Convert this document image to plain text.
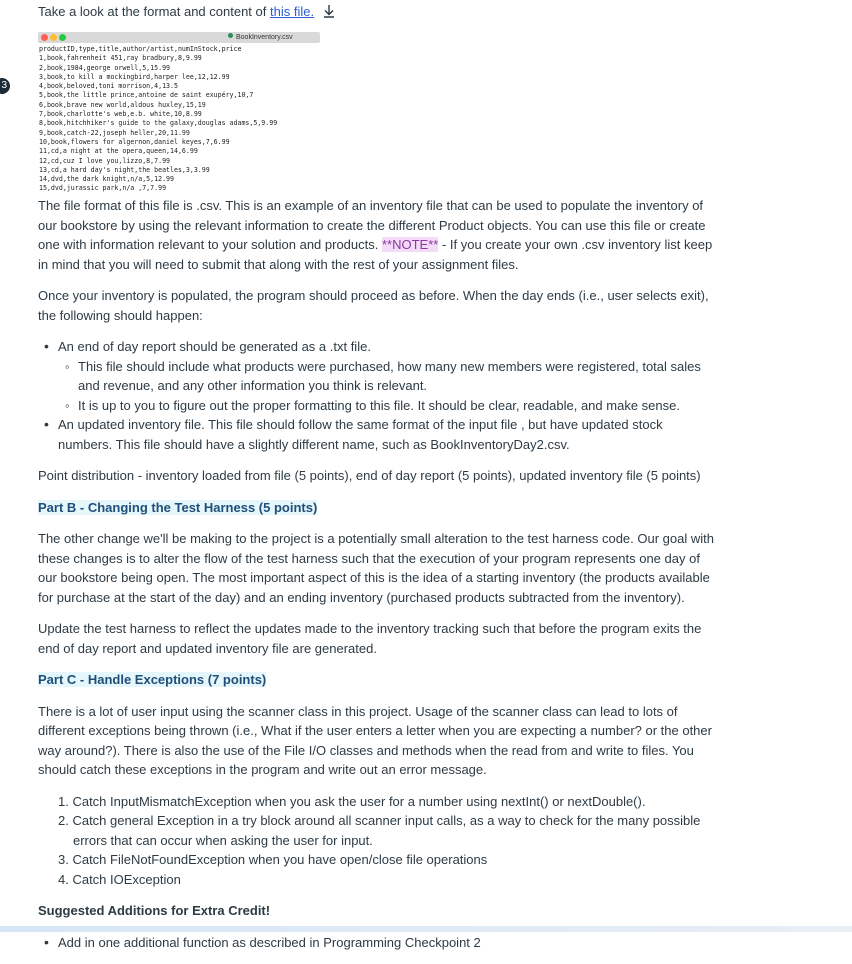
3
Take a look at the format and content of this file.
BookInventory.csv
productID,type,title,author/artist,numInStock,price
1,book,fahrenheit 451,ray bradbury,8,9.99
2,book,1984,george orwell,5,15.99
3,book,to kill a mockingbird,harper lee,12,12.99
4,book,beloved,toni morrison,4,13.5
5,book,the little prince,antoine de saint exupéry,10,7
6,book,brave new world,aldous huxley,15,19
7,book,charlotte's web,e.b. white,10,8.99
8,book,hitchhiker's guide to the galaxy,douglas adams,5,9.99
9,book,catch-22,joseph heller,20,11.99
10,book,flowers for algernon,daniel keyes,7,6.99
11,cd,a night at the opera,queen,14,6.99
12,cd,cuz I love you,lizzo,8,7.99
13,cd,a hard day's night,the beatles,3,3.99
14,dvd,the dark knight,n/a,5,12.99
15,dvd,jurassic park,n/a ,7,7.99

The file format of this file is .csv. This is an example of an inventory file that can be used to populate the inventory of our bookstore by using the relevant information to create the different Product objects. You can use this file or create one with information relevant to your solution and products. **NOTE** - If you create your own .csv inventory list keep in mind that you will need to submit that along with the rest of your assignment files.

Once your inventory is populated, the program should proceed as before. When the day ends (i.e., user selects exit), the following should happen:

• An end of day report should be generated as a .txt file.
◦ This file should include what products were purchased, how many new members were registered, total sales and revenue, and any other information you think is relevant.
◦ It is up to you to figure out the proper formatting to this file. It should be clear, readable, and make sense.
• An updated inventory file. This file should follow the same format of the input file , but have updated stock numbers. This file should have a slightly different name, such as BookInventoryDay2.csv.

Point distribution - inventory loaded from file (5 points), end of day report (5 points), updated inventory file (5 points)

Part B - Changing the Test Harness (5 points)

The other change we'll be making to the project is a potentially small alteration to the test harness code. Our goal with these changes is to alter the flow of the test harness such that the execution of your program represents one day of our bookstore being open. The most important aspect of this is the idea of a starting inventory (the products available for purchase at the start of the day) and an ending inventory (purchased products subtracted from the inventory).

Update the test harness to reflect the updates made to the inventory tracking such that before the program exits the end of day report and updated inventory file are generated.

Part C - Handle Exceptions (7 points)

There is a lot of user input using the scanner class in this project. Usage of the scanner class can lead to lots of different exceptions being thrown (i.e., What if the user enters a letter when you are expecting a number? or the other way around?). There is also the use of the File I/O classes and methods when the read from and write to files. You should catch these exceptions in the program and write out an error message.

1. Catch InputMismatchException when you ask the user for a number using nextInt() or nextDouble().
2. Catch general Exception in a try block around all scanner input calls, as a way to check for the many possible errors that can occur when asking the user for input.
3. Catch FileNotFoundException when you have open/close file operations
4. Catch IOException

Suggested Additions for Extra Credit!

• Add in one additional function as described in Programming Checkpoint 2
